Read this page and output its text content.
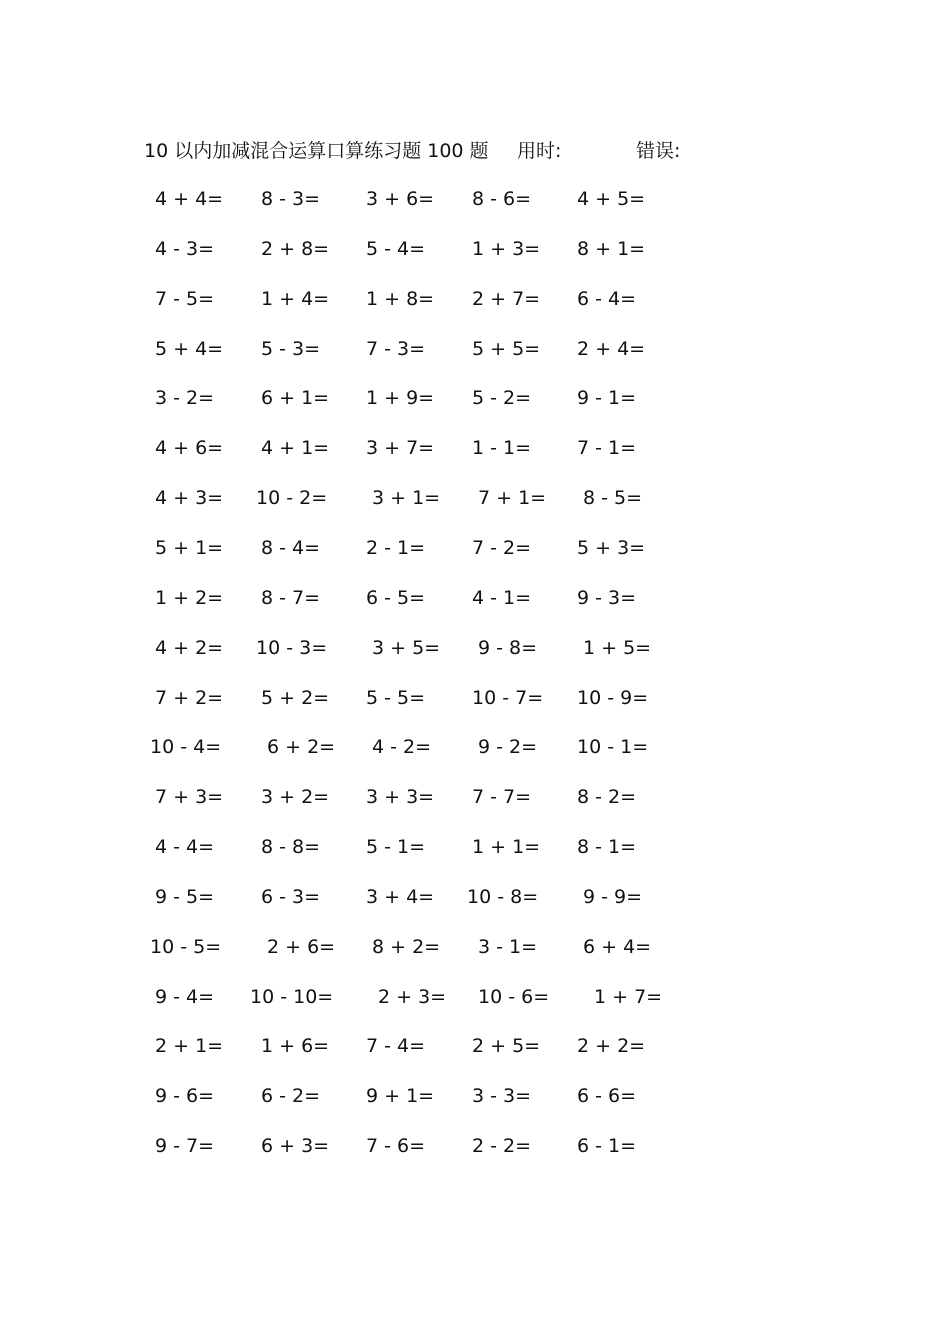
10 以内加减混合运算口算练习题 100 题 用时:	错误:
4 + 4= 8 - 3= 3 + 6= 8 - 6= 4 + 5=
4 - 3= 2 + 8= 5 - 4= 1 + 3= 8 + 1=
7 - 5= 1 + 4= 1 + 8= 2 + 7= 6 - 4=
5 + 4= 5 - 3= 7 - 3= 5 + 5= 2 + 4=
3 - 2= 6 + 1= 1 + 9= 5 - 2= 9 - 1=
4 + 6= 4 + 1= 3 + 7= 1 - 1= 7 - 1=
4 + 3= 10 - 2= 3 + 1= 7 + 1= 8 - 5=
5 + 1= 8 - 4= 2 - 1= 7 - 2= 5 + 3=
1 + 2= 8 - 7= 6 - 5= 4 - 1= 9 - 3=
4 + 2= 10 - 3= 3 + 5= 9 - 8= 1 + 5=
7 + 2= 5 + 2= 5 - 5= 10 - 7= 10 - 9=
10 - 4= 6 + 2= 4 - 2= 9 - 2= 10 - 1=
7 + 3= 3 + 2= 3 + 3= 7 - 7= 8 - 2=
4 - 4= 8 - 8= 5 - 1= 1 + 1= 8 - 1=
9 - 5= 6 - 3= 3 + 4= 10 - 8= 9 - 9=
10 - 5= 2 + 6= 8 + 2= 3 - 1= 6 + 4=
9 - 4= 10 - 10= 2 + 3= 10 - 6= 1 + 7=
2 + 1= 1 + 6= 7 - 4= 2 + 5= 2 + 2=
9 - 6= 6 - 2= 9 + 1= 3 - 3= 6 - 6=
9 - 7= 6 + 3= 7 - 6= 2 - 2= 6 - 1=
